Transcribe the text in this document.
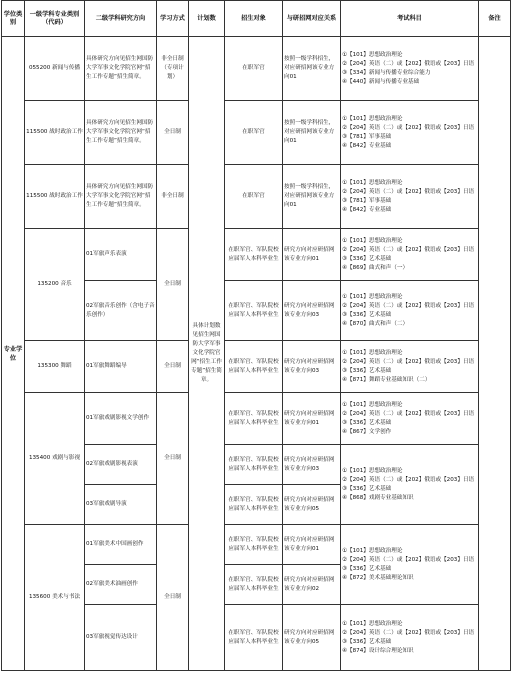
学位类别	一级学科专业类别（代码）	二级学科研究方向	学习方式	计划数	招生对象	与研招网对应关系	考试科目	备注
专业学位	055200 新闻与传播	具体研究方向见招生网国防大学军事文化学院官网“招生工作专题”招生简章。	非全日制（专项计划）	具体计划数见招生网国防大学军事文化学院官网“招生工作专题”招生简章。	在职军官	按照一级学科招生，对应研招网该专业方向01	①【101】思想政治理论
②【204】英语（二）或【202】俄语或【203】日语
③【334】新闻与传播专业综合能力
④【440】新闻与传播专业基础	

	115500 战时政治工作	具体研究方向见招生网国防大学军事文化学院官网“招生工作专题”招生简章。	全日制		在职军官	按照一级学科招生，对应研招网该专业方向01	①【101】思想政治理论
②【204】英语（二）或【202】俄语或【203】日语
③【781】军事基础
④【842】专业基础	

	115500 战时政治工作	具体研究方向见招生网国防大学军事文化学院官网“招生工作专题”招生简章。	非全日制		在职军官	按照一级学科招生，对应研招网该专业方向01	①【101】思想政治理论
②【204】英语（二）或【202】俄语或【203】日语
③【781】军事基础
④【842】专业基础	

	135200 音乐	01军旅声乐表演	全日制		在职军官、军队院校应届军人本科毕业生	研究方向对应研招网该专业方向01	①【101】思想政治理论
②【204】英语（二）或【202】俄语或【203】日语
③【336】艺术基础
④【869】曲式和声（一）	

		02军旅音乐创作（含电子音乐创作）			在职军官、军队院校应届军人本科毕业生	研究方向对应研招网该专业方向03	①【101】思想政治理论
②【204】英语（二）或【202】俄语或【203】日语
③【336】艺术基础
④【870】曲式和声（二）	

	135300 舞蹈	01军旅舞蹈编导	全日制		在职军官、军队院校应届军人本科毕业生	研究方向对应研招网该专业方向03	①【101】思想政治理论
②【204】英语（二）或【202】俄语或【203】日语
③【336】艺术基础
④【871】舞蹈专业基础知识（二）	

	135400 戏剧与影视	01军旅戏剧影视文学创作	全日制		在职军官、军队院校应届军人本科毕业生	研究方向对应研招网该专业方向01	①【101】思想政治理论
②【204】英语（二）或【202】俄语或【203】日语
③【336】艺术基础
④【867】文学创作	

		02军旅戏剧影视表演			在职军官、军队院校应届军人本科毕业生	研究方向对应研招网该专业方向03	①【101】思想政治理论
②【204】英语（二）或【202】俄语或【203】日语
③【336】艺术基础
④【868】戏剧专业基础知识	

		03军旅戏剧导演			在职军官、军队院校应届军人本科毕业生	研究方向对应研招网该专业方向05		
	135600 美术与书法	01军旅美术中国画创作	全日制		在职军官、军队院校应届军人本科毕业生	研究方向对应研招网该专业方向01	①【101】思想政治理论
②【204】英语（二）或【202】俄语或【203】日语
③【336】艺术基础
④【872】美术基础理论知识	

		02军旅美术油画创作			在职军官、军队院校应届军人本科毕业生	研究方向对应研招网该专业方向02		
		03军旅视觉传达设计			在职军官、军队院校应届军人本科毕业生	研究方向对应研招网该专业方向05	①【101】思想政治理论
②【204】英语（二）或【202】俄语或【203】日语
③【336】艺术基础
④【874】设计综合理论知识	
